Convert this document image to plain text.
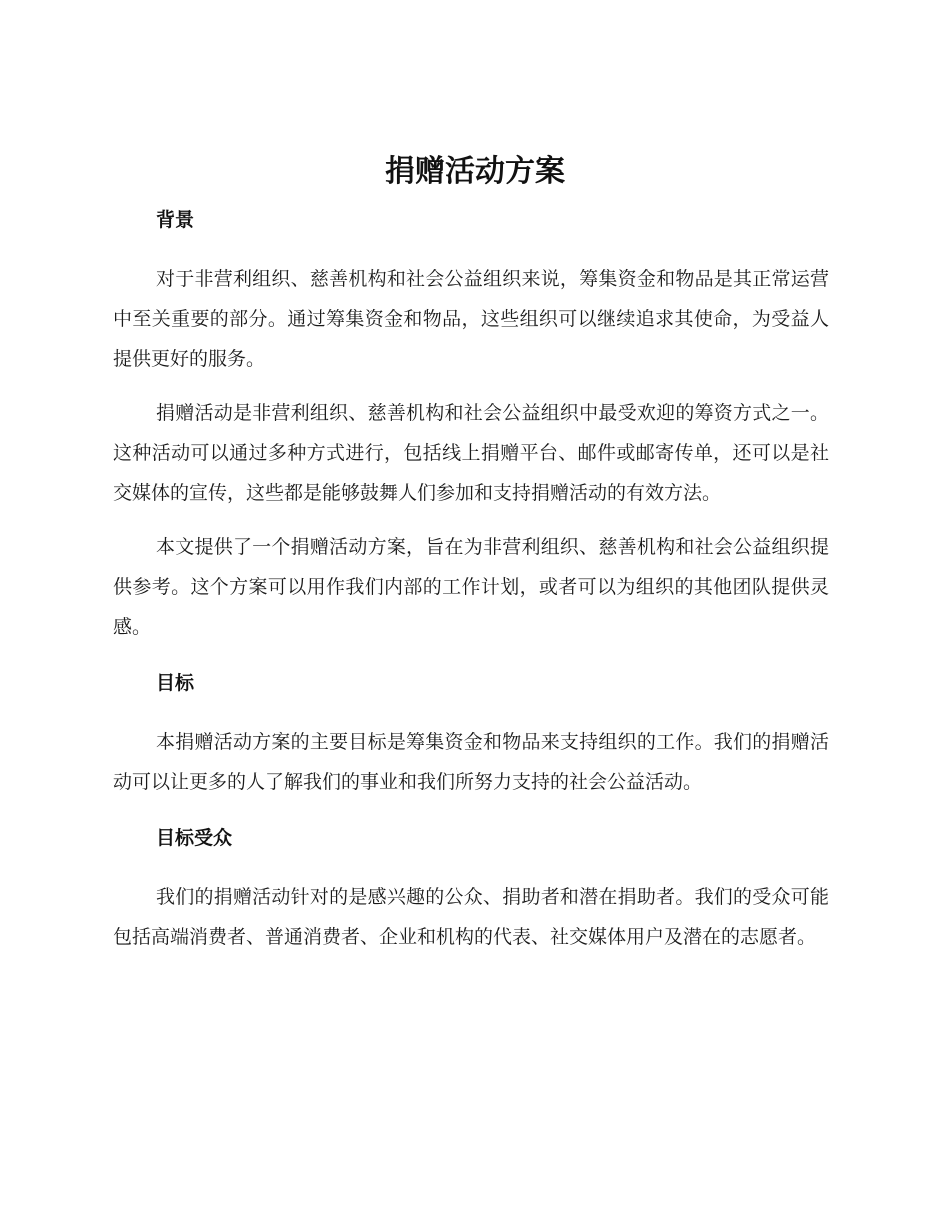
捐赠活动方案
背景

对于非营利组织、慈善机构和社会公益组织来说，筹集资金和物品是其正常运营中至关重要的部分。通过筹集资金和物品，这些组织可以继续追求其使命，为受益人提供更好的服务。

捐赠活动是非营利组织、慈善机构和社会公益组织中最受欢迎的筹资方式之一。这种活动可以通过多种方式进行，包括线上捐赠平台、邮件或邮寄传单，还可以是社交媒体的宣传，这些都是能够鼓舞人们参加和支持捐赠活动的有效方法。

本文提供了一个捐赠活动方案，旨在为非营利组织、慈善机构和社会公益组织提供参考。这个方案可以用作我们内部的工作计划，或者可以为组织的其他团队提供灵感。

目标

本捐赠活动方案的主要目标是筹集资金和物品来支持组织的工作。我们的捐赠活动可以让更多的人了解我们的事业和我们所努力支持的社会公益活动。

目标受众

我们的捐赠活动针对的是感兴趣的公众、捐助者和潜在捐助者。我们的受众可能包括高端消费者、普通消费者、企业和机构的代表、社交媒体用户及潜在的志愿者。
